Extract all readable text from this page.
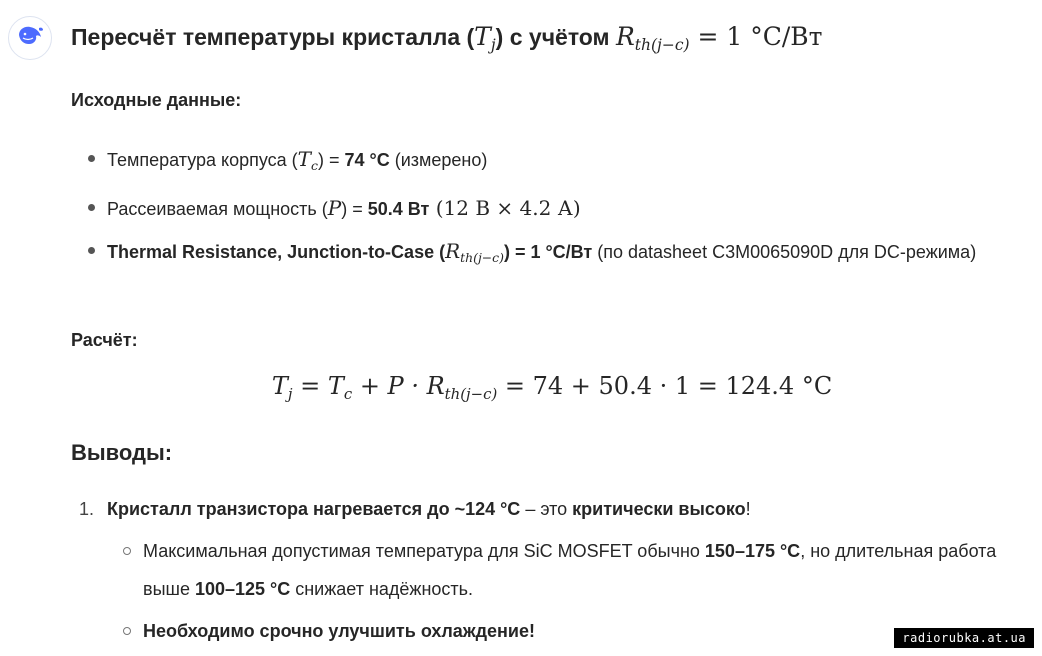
Пересчёт температуры кристалла $(T_j)$ с учётом $R_{th(j-c)} = 1$ °C/Вт
Исходные данные:
Температура корпуса $(T_c) = 74$ °C (измерено)
Рассеиваемая мощность (P) = 50.4 Вт (12 В × 4.2 А)
Thermal Resistance, Junction-to-Case $(R_{th(j-c)}) = 1$ °C/Вт (по datasheet C3M0065090D для DC-режима)
Расчёт:
$T_j = T_c + P \cdot R_{th(j-c)} = 74 + 50.4 \cdot 1 = 124.4$ °C
Выводы:
1. Кристалл транзистора нагревается до ~124 °C – это критически высоко!
Максимальная допустимая температура для SiC MOSFET обычно 150–175 °C, но длительная работа выше 100–125 °C снижает надёжность.
Необходимо срочно улучшить охлаждение!	radiorubka.at.ua
